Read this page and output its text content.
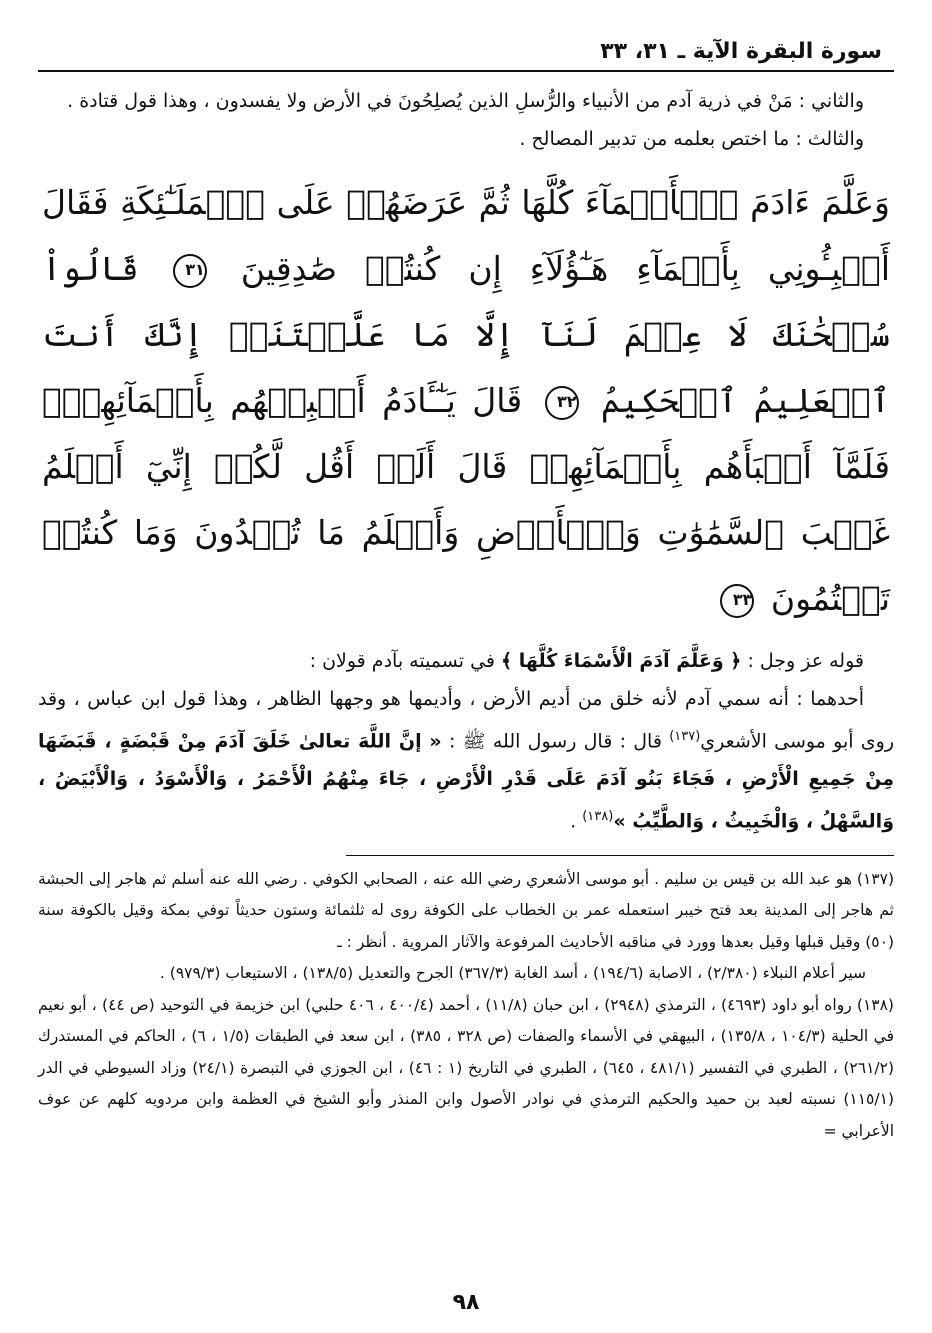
سورة البقرة الآية ـ ٣١، ٣٣

والثاني : مَنْ في ذرية آدم من الأنبياء والرُّسلِ الذين يُصلِحُونَ في الأرض ولا يفسدون ، وهذا قول قتادة .

والثالث : ما اختص بعلمه من تدبير المصالح .

وَعَلَّمَ ءَادَمَ ٱلۡأَسۡمَآءَ كُلَّهَا ثُمَّ عَرَضَهُمۡ عَلَى ٱلۡمَلَـٰٓئِكَةِ فَقَالَ أَنۢبِـُٔونِي بِأَسۡمَآءِ هَـٰٓؤُلَآءِ إِن كُنتُمۡ صَٰدِقِينَ ٣١ قَالُواْ سُبۡحَٰنَكَ لَا عِلۡمَ لَنَآ إِلَّا مَا عَلَّمۡتَنَآۖ إِنَّكَ أَنتَ ٱلۡعَلِيمُ ٱلۡحَكِيمُ ٣٢ قَالَ يَـٰٓـَٔادَمُ أَنۢبِئۡهُم بِأَسۡمَآئِهِمۡۖ فَلَمَّآ أَنۢبَأَهُم بِأَسۡمَآئِهِمۡ قَالَ أَلَمۡ أَقُل لَّكُمۡ إِنِّيٓ أَعۡلَمُ غَيۡبَ ٱلسَّمَٰوَٰتِ وَٱلۡأَرۡضِ وَأَعۡلَمُ مَا تُبۡدُونَ وَمَا كُنتُمۡ تَكۡتُمُونَ ٣٣

قوله عز وجل : ﴿ وَعَلَّمَ آدَمَ الْأَسْمَاءَ كُلَّهَا ﴾ في تسميته بآدم قولان :

أحدهما : أنه سمي آدم لأنه خلق من أديم الأرض ، وأديمها هو وجهها الظاهر ، وهذا قول ابن عباس ، وقد روى أبو موسى الأشعري$^{(١٣٧)}$ قال : قال رسول الله ﷺ : « إنَّ اللَّهَ تعالىٰ خَلَقَ آدَمَ مِنْ قَبْضَةٍ ، قَبَضَهَا مِنْ جَمِيعِ الْأَرْضِ ، فَجَاءَ بَنُو آدَمَ عَلَى قَدْرِ الْأَرْضِ ، جَاءَ مِنْهُمُ الْأَحْمَرُ ، وَالْأَسْوَدُ ، وَالْأَبْيَضُ ، وَالسَّهْلُ ، وَالْخَبِيثُ ، وَالطَّيِّبُ »$^{(١٣٨)}$ .

(١٣٧) هو عبد الله بن قيس بن سليم . أبو موسى الأشعري رضي الله عنه ، الصحابي الكوفي . رضي الله عنه أسلم ثم هاجر إلى الحبشة ثم هاجر إلى المدينة بعد فتح خيبر استعمله عمر بن الخطاب على الكوفة روى له ثلثمائة وستون حديثاً توفي بمكة وقيل بالكوفة سنة (٥٠) وقيل قبلها وقيل بعدها وورد في مناقبه الأحاديث المرفوعة والآثار المروية . أنظر : ـ

سير أعلام النبلاء (٢/٣٨٠) ، الاصابة (١٩٤/٦) ، أسد الغابة (٣٦٧/٣) الجرح والتعديل (١٣٨/٥) ، الاستيعاب (٩٧٩/٣) .

(١٣٨) رواه أبو داود (٤٦٩٣) ، الترمذي (٢٩٤٨) ، ابن حبان (١١/٨) ، أحمد (٤٠٠/٤ ، ٤٠٦ حلبي) ابن خزيمة في التوحيد (ص ٤٤) ، أبو نعيم في الحلية (١٠٤/٣ ، ١٣٥/٨) ، البيهقي في الأسماء والصفات (ص ٣٢٨ ، ٣٨٥) ، ابن سعد في الطبقات (١/٥ ، ٦) ، الحاكم في المستدرك (٢٦١/٢) ، الطبري في التفسير (٤٨١/١ ، ٦٤٥) ، الطبري في التاريخ (١ : ٤٦) ، ابن الجوزي في التبصرة (٢٤/١) وزاد السيوطي في الدر (١١٥/١) نسبته لعبد بن حميد والحكيم الترمذي في نوادر الأصول وابن المنذر وأبو الشيخ في العظمة وابن مردويه كلهم عن عوف الأعرابي =

٩٨
